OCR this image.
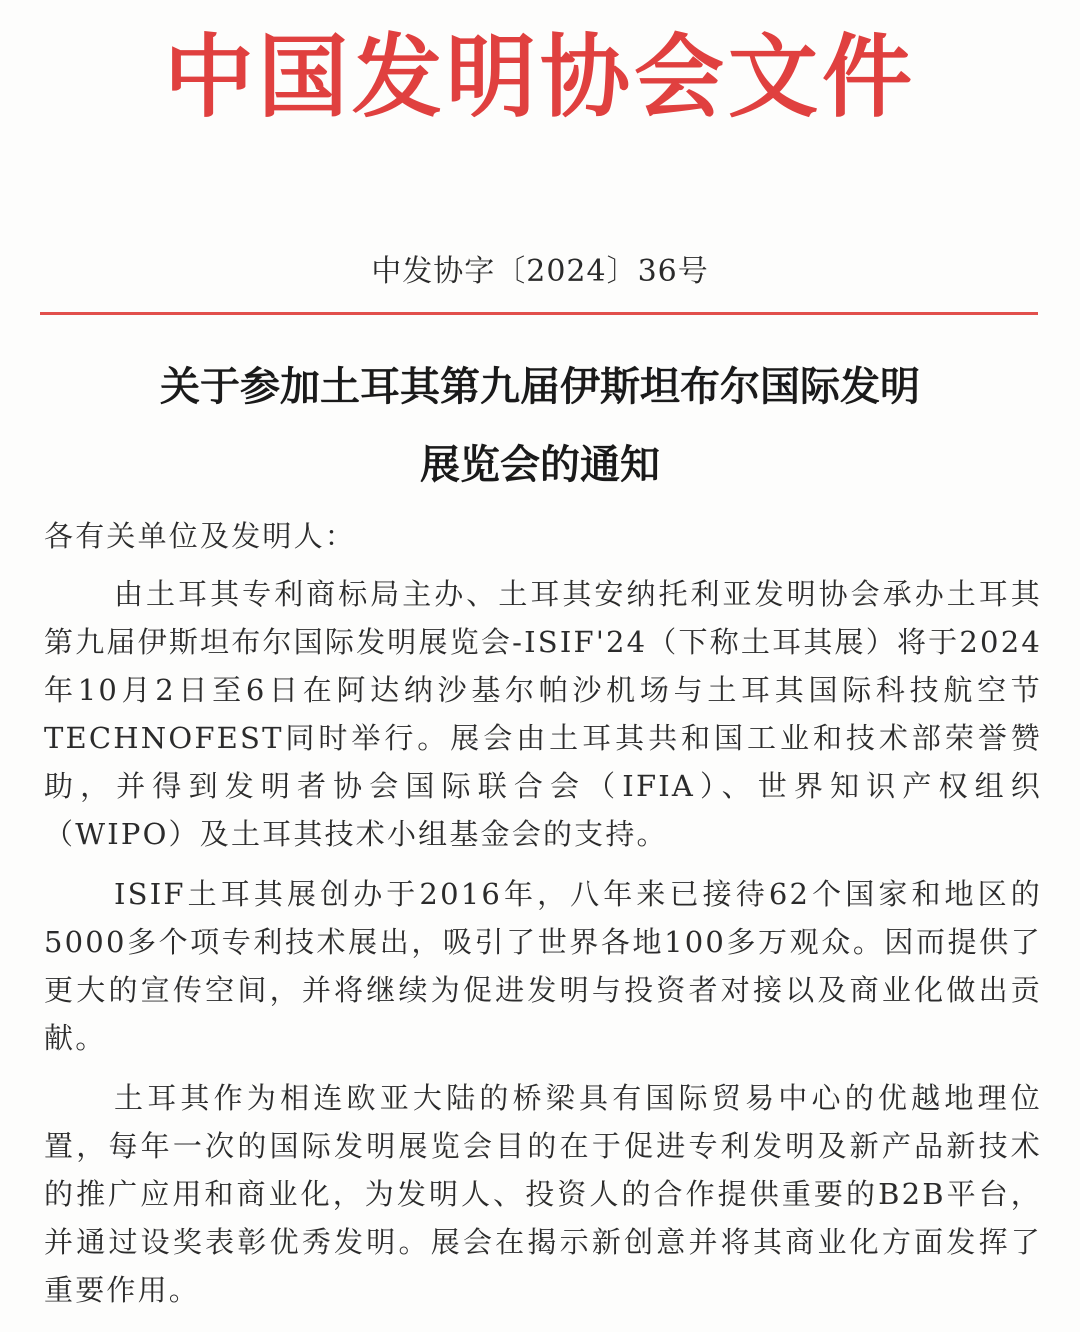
中国发明协会文件
中发协字〔2024〕36号
关于参加土耳其第九届伊斯坦布尔国际发明
展览会的通知

各有关单位及发明人：

由土耳其专利商标局主办、土耳其安纳托利亚发明协会承办土耳其第九届伊斯坦布尔国际发明展览会-ISIF'24（下称土耳其展）将于2024年10月2日至6日在阿达纳沙基尔帕沙机场与土耳其国际科技航空节TECHNOFEST同时举行。展会由土耳其共和国工业和技术部荣誉赞助，并得到发明者协会国际联合会（IFIA）、世界知识产权组织（WIPO）及土耳其技术小组基金会的支持。

ISIF土耳其展创办于2016年，八年来已接待62个国家和地区的5000多个项专利技术展出，吸引了世界各地100多万观众。因而提供了更大的宣传空间，并将继续为促进发明与投资者对接以及商业化做出贡献。

土耳其作为相连欧亚大陆的桥梁具有国际贸易中心的优越地理位置，每年一次的国际发明展览会目的在于促进专利发明及新产品新技术的推广应用和商业化，为发明人、投资人的合作提供重要的B2B平台，并通过设奖表彰优秀发明。展会在揭示新创意并将其商业化方面发挥了重要作用。
